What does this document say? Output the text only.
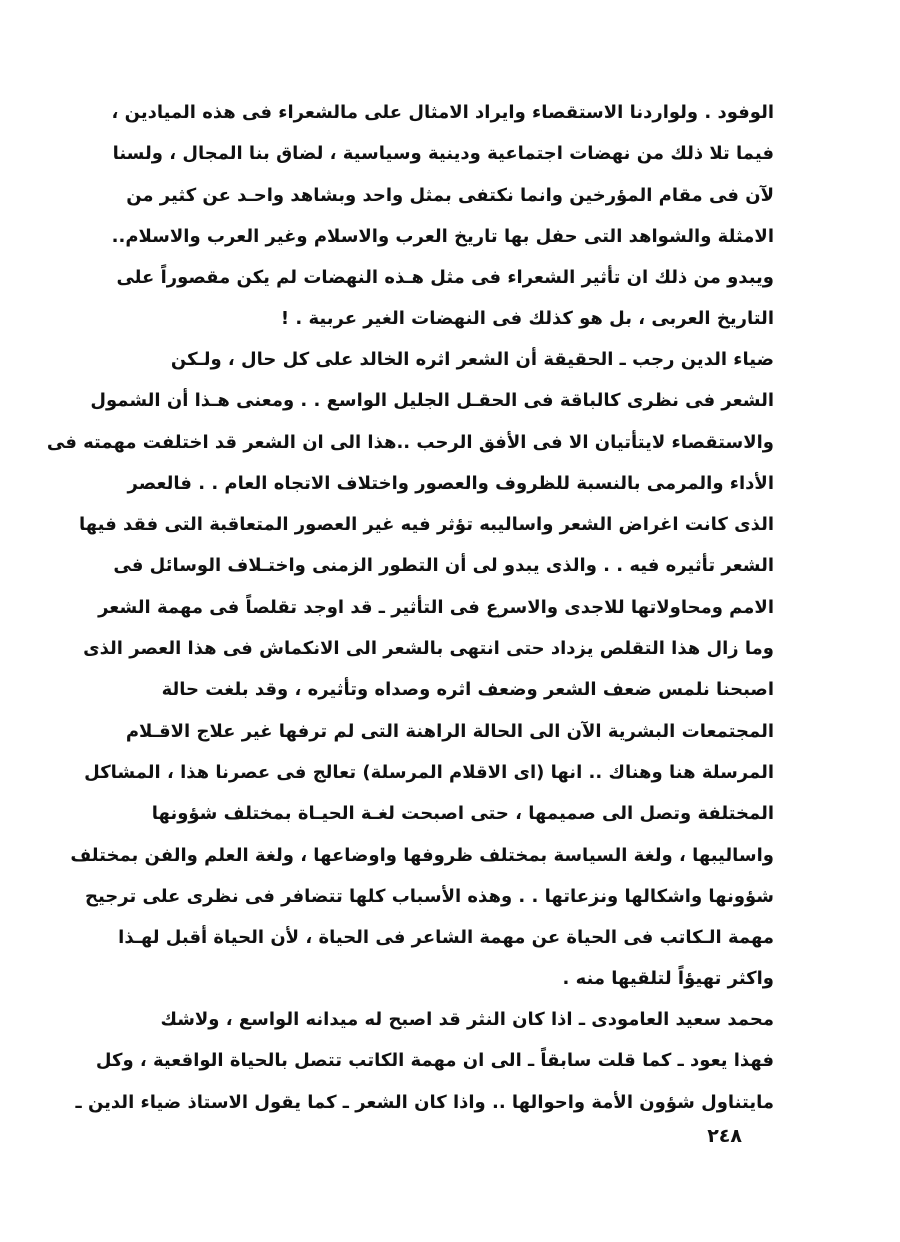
الوفود . ولواردنا الاستقصاء وايراد الامثال على مالشعراء فى هذه الميادين ،
فيما تلا ذلك من نهضات اجتماعية ودينية وسياسية ، لضاق بنا المجال ، ولسنا
لآن فى مقام المؤرخين وانما نكتفى بمثل واحد وبشاهد واحـد عن كثير من
الامثلة والشواهد التى حفل بها تاريخ العرب والاسلام وغير العرب والاسلام..
ويبدو من ذلك ان تأثير الشعراء فى مثل هـذه النهضات لم يكن مقصوراً على
التاريخ العربى ، بل هو كذلك فى النهضات الغير عربية . !
ضياء الدين رجب ـ الحقيقة أن الشعر اثره الخالد على كل حال ، ولـكن
الشعر فى نظرى كالباقة فى الحقـل الجليل الواسع . . ومعنى هـذا أن الشمول
والاستقصاء لايتأتيان الا فى الأفق الرحب ..هذا الى ان الشعر قد اختلفت مهمته فى
الأداء والمرمى بالنسبة للظروف والعصور واختلاف الاتجاه العام . . فالعصر
الذى كانت اغراض الشعر واساليبه تؤثر فيه غير العصور المتعاقبة التى فقد فيها
الشعر تأثيره فيه . . والذى يبدو لى أن التطور الزمنى واختـلاف الوسائل فى
الامم ومحاولاتها للاجدى والاسرع فى التأثير ـ قد اوجد تقلصاً فى مهمة الشعر
وما زال هذا التقلص يزداد حتى انتهى بالشعر الى الانكماش فى هذا العصر الذى
اصبحنا نلمس ضعف الشعر وضعف اثره وصداه وتأثيره ، وقد بلغت حالة
المجتمعات البشرية الآن الى الحالة الراهنة التى لم ترفها غير علاج الاقـلام
المرسلة هنا وهناك .. انها (اى الاقلام المرسلة) تعالج فى عصرنا هذا ، المشاكل
المختلفة وتصل الى صميمها ، حتى اصبحت لغـة الحيـاة بمختلف شؤونها
واساليبها ، ولغة السياسة بمختلف ظروفها واوضاعها ، ولغة العلم والفن بمختلف
شؤونها واشكالها ونزعاتها . . وهذه الأسباب كلها تتضافر فى نظرى على ترجيح
مهمة الـكاتب فى الحياة عن مهمة الشاعر فى الحياة ، لأن الحياة أقبل لهـذا
واكثر تهيؤاً لتلقيها منه .
محمد سعيد العامودى ـ اذا كان النثر قد اصبح له ميدانه الواسع ، ولاشك
فهذا يعود ـ كما قلت سابقاً ـ الى ان مهمة الكاتب تتصل بالحياة الواقعية ، وكل
مايتناول شؤون الأمة واحوالها .. واذا كان الشعر ـ كما يقول الاستاذ ضياء الدين ـ
٢٤٨
